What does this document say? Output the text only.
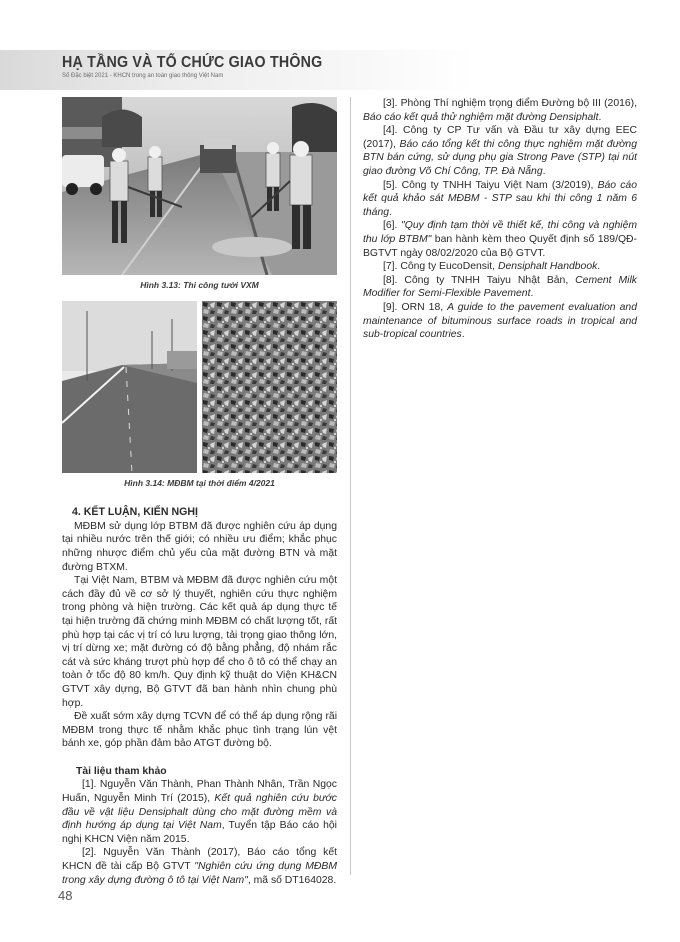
HẠ TẦNG VÀ TỔ CHỨC GIAO THÔNG
Số Đặc biệt 2021 - KHCN trong an toàn giao thông Việt Nam
Hình 3.13: Thi công tưới VXM
Hình 3.14: MĐBM tại thời điểm 4/2021
4. KẾT LUẬN, KIẾN NGHỊ

MĐBM sử dụng lớp BTBM đã được nghiên cứu áp dụng tại nhiều nước trên thế giới; có nhiều ưu điểm; khắc phục những nhược điểm chủ yếu của mặt đường BTN và mặt đường BTXM.

Tại Việt Nam, BTBM và MĐBM đã được nghiên cứu một cách đầy đủ về cơ sở lý thuyết, nghiên cứu thực nghiệm trong phòng và hiện trường. Các kết quả áp dụng thực tế tại hiện trường đã chứng minh MĐBM có chất lượng tốt, rất phù hợp tại các vị trí có lưu lượng, tải trọng giao thông lớn, vị trí dừng xe; mặt đường có độ bằng phẳng, độ nhám rắc cát và sức kháng trượt phù hợp để cho ô tô có thể chạy an toàn ở tốc độ 80 km/h. Quy định kỹ thuật do Viện KH&CN GTVT xây dựng, Bộ GTVT đã ban hành nhìn chung phù hợp.

Đề xuất sớm xây dựng TCVN để có thể áp dụng rộng rãi MĐBM trong thực tế nhằm khắc phục tình trạng lún vệt bánh xe, góp phần đảm bảo ATGT đường bộ.

Tài liệu tham khảo

[1]. Nguyễn Văn Thành, Phan Thành Nhân, Trần Ngọc Huấn, Nguyễn Minh Trí (2015), Kết quả nghiên cứu bước đầu về vật liệu Densiphalt dùng cho mặt đường mềm và định hướng áp dụng tại Việt Nam, Tuyển tập Báo cáo hội nghị KHCN Viện năm 2015.

[2]. Nguyễn Văn Thành (2017), Báo cáo tổng kết KHCN đề tài cấp Bộ GTVT "Nghiên cứu ứng dụng MĐBM trong xây dựng đường ô tô tại Việt Nam", mã số DT164028.

[3]. Phòng Thí nghiệm trọng điểm Đường bộ III (2016), Báo cáo kết quả thử nghiệm mặt đường Densiphalt.

[4]. Công ty CP Tư vấn và Đầu tư xây dựng EEC (2017), Báo cáo tổng kết thi công thực nghiệm mặt đường BTN bán cứng, sử dụng phụ gia Strong Pave (STP) tại nút giao đường Võ Chí Công, TP. Đà Nẵng.

[5]. Công ty TNHH Taiyu Việt Nam (3/2019), Báo cáo kết quả khảo sát MĐBM - STP sau khi thi công 1 năm 6 tháng.

[6]. "Quy định tạm thời về thiết kế, thi công và nghiệm thu lớp BTBM" ban hành kèm theo Quyết định số 189/QĐ-BGTVT ngày 08/02/2020 của Bộ GTVT.

[7]. Công ty EucoDensit, Densiphalt Handbook.

[8]. Công ty TNHH Taiyu Nhật Bản, Cement Milk Modifier for Semi-Flexible Pavement.

[9]. ORN 18, A guide to the pavement evaluation and maintenance of bituminous surface roads in tropical and sub-tropical countries.

48
